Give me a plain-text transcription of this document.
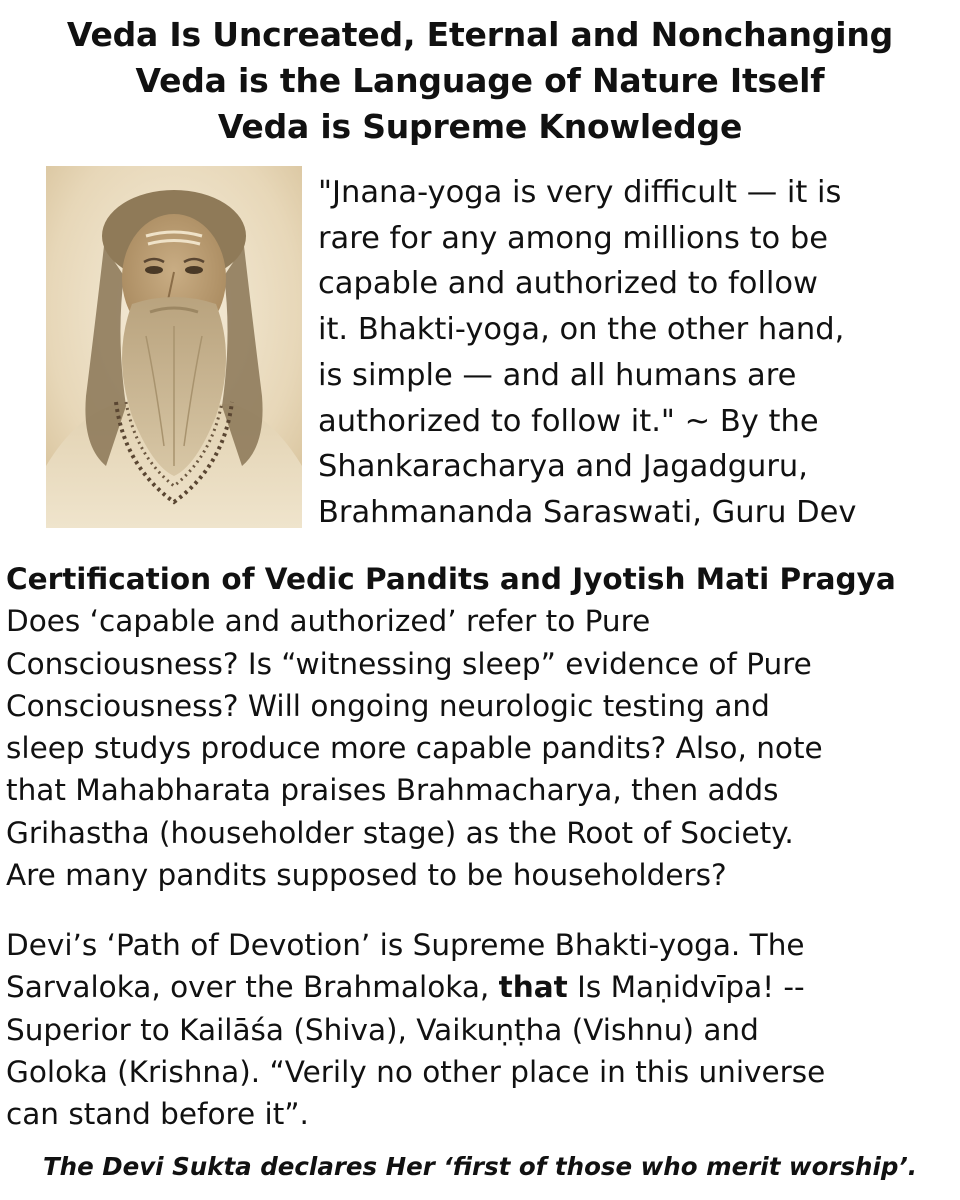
Veda Is Uncreated, Eternal and Nonchanging
Veda is the Language of Nature Itself
Veda is Supreme Knowledge
"Jnana-yoga is very difficult — it is
rare for any among millions to be
capable and authorized to follow
it. Bhakti-yoga, on the other hand,
is simple — and all humans are
authorized to follow it." ~ By the
Shankaracharya and Jagadguru,
Brahmananda Saraswati, Guru Dev
Certification of Vedic Pandits and Jyotish Mati Pragya
Does ‘capable and authorized’ refer to Pure
Consciousness? Is “witnessing sleep” evidence of Pure
Consciousness? Will ongoing neurologic testing and
sleep studys produce more capable pandits? Also, note
that Mahabharata praises Brahmacharya, then adds
Grihastha (householder stage) as the Root of Society.
Are many pandits supposed to be householders?
Devi’s ‘Path of Devotion’ is Supreme Bhakti-yoga. The
Sarvaloka, over the Brahmaloka, that Is Maṇidvīpa! --
Superior to Kailāśa (Shiva), Vaikuṇṭha (Vishnu) and
Goloka (Krishna). “Verily no other place in this universe
can stand before it”.
The Devi Sukta declares Her ‘first of those who merit worship’.
